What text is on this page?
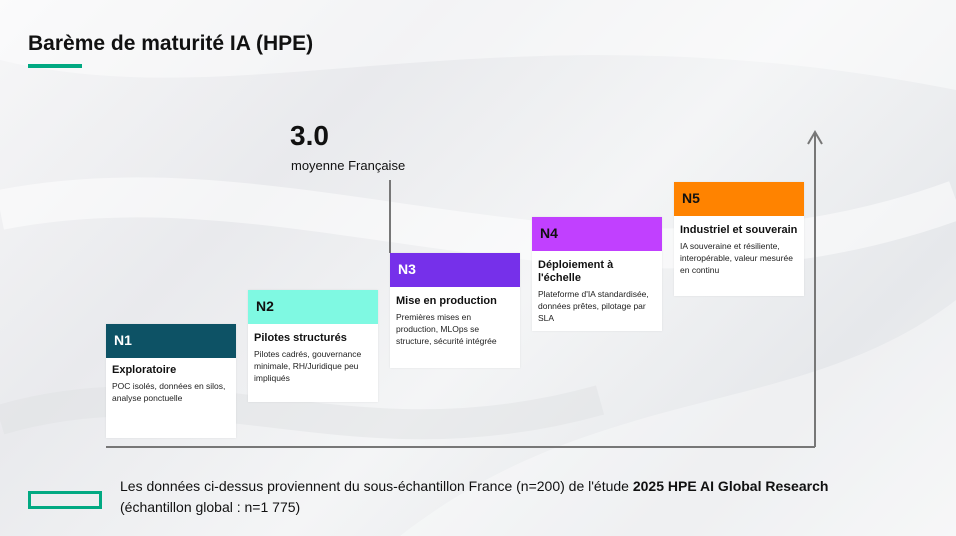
Barème de maturité IA (HPE)
3.0
moyenne Française
N1
Exploratoire
POC isolés, données en silos, analyse ponctuelle
N2
Pilotes structurés
Pilotes cadrés, gouvernance minimale, RH/Juridique peu impliqués
N3
Mise en production
Premières mises en production, MLOps se structure, sécurité intégrée
N4
Déploiement à l'échelle
Plateforme d'IA standardisée, données prêtes, pilotage par SLA
N5
Industriel et souverain
IA souveraine et résiliente, interopérable, valeur mesurée en continu
Les données ci-dessus proviennent du sous-échantillon France (n=200) de l'étude 2025 HPE AI Global Research (échantillon global : n=1 775)
